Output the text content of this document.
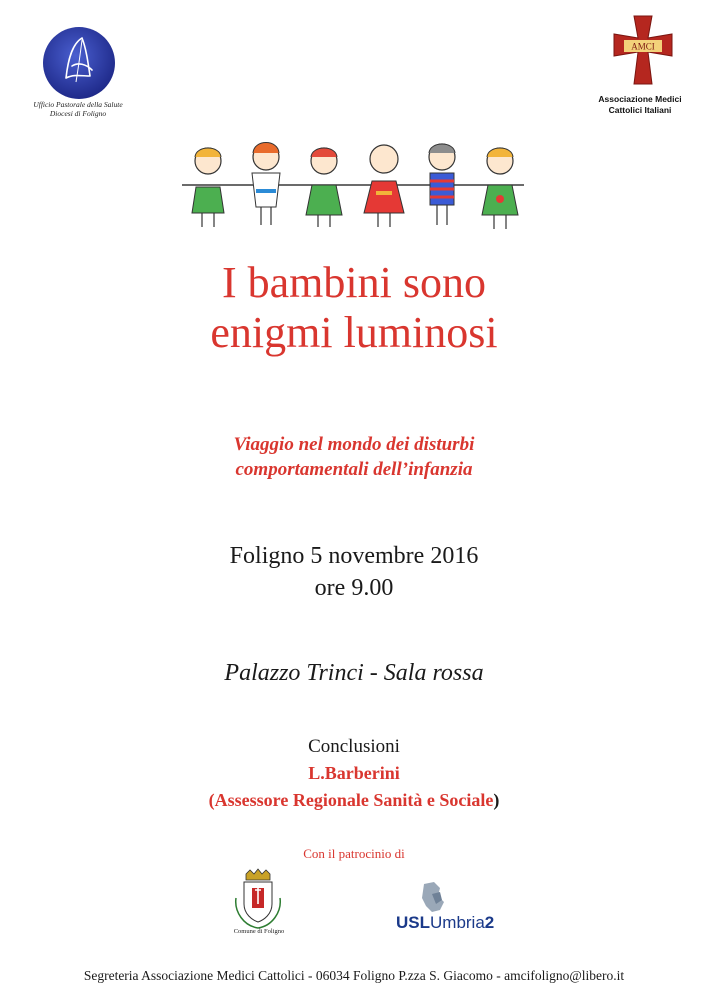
Ufficio Pastorale della Salute
Diocesi di Foligno
AMCI
Associazione Medici
Cattolici Italiani
I bambini sono
enigmi luminosi
Viaggio nel mondo dei disturbi
comportamentali dell’infanzia
Foligno 5 novembre 2016
ore 9.00
Palazzo Trinci - Sala rossa
Conclusioni
L.Barberini
(Assessore Regionale Sanità e Sociale)
Con il patrocinio di
Comune di Foligno	USLUmbria2
Segreteria Associazione Medici Cattolici - 06034 Foligno P.zza S. Giacomo - amcifoligno@libero.it
